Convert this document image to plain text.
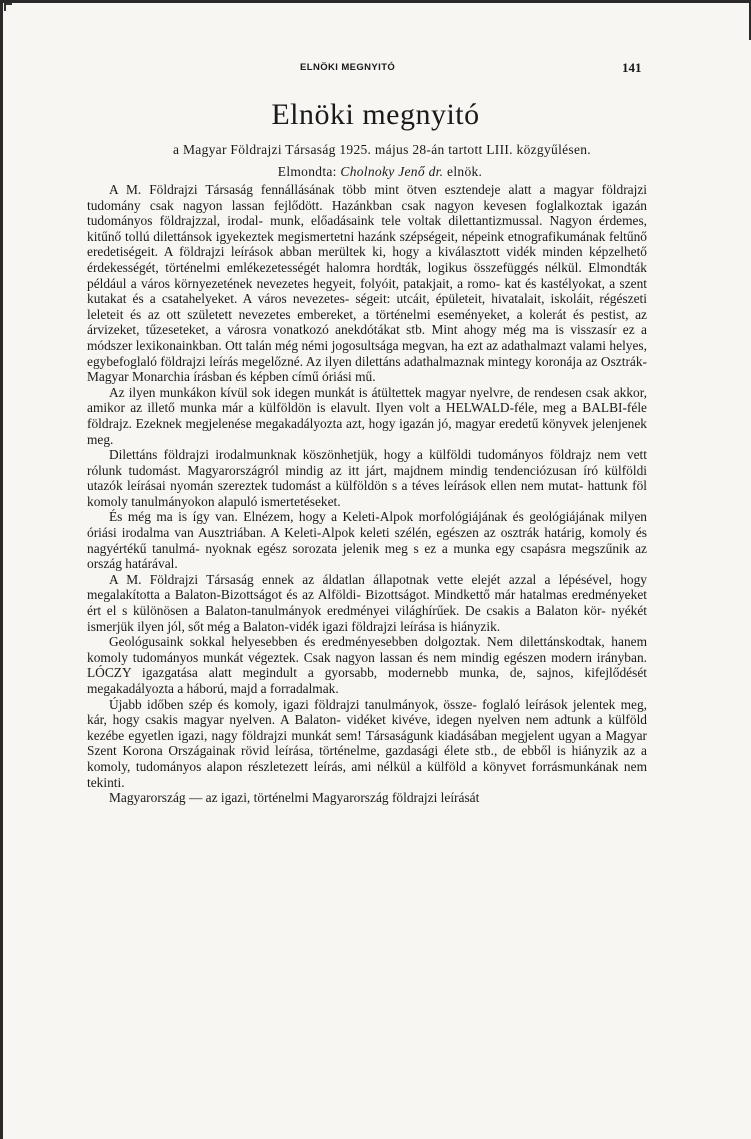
ELNÖKI MEGNYITÓ	141
Elnöki megnyitó
a Magyar Földrajzi Társaság 1925. május 28-án tartott LIII. közgyűlésen.
Elmondta: Cholnoky Jenő dr. elnök.

A M. Földrajzi Társaság fennállásának több mint ötven esztendeje alatt a magyar földrajzi tudomány csak nagyon lassan fejlődött. Hazánkban csak nagyon kevesen foglalkoztak igazán tudományos földrajzzal, irodal- munk, előadásaink tele voltak dilettantizmussal. Nagyon érdemes, kitűnő tollú dilettánsok igyekeztek megismertetni hazánk szépségeit, népeink etnografikumának feltűnő eredetiségeit. A földrajzi leírások abban merültek ki, hogy a kiválasztott vidék minden képzelhető érdekességét, történelmi emlékezetességét halomra hordták, logikus összefüggés nélkül. Elmondták például a város környezetének nevezetes hegyeit, folyóit, patakjait, a romo- kat és kastélyokat, a szent kutakat és a csatahelyeket. A város nevezetes- ségeit: utcáit, épületeit, hivatalait, iskoláit, régészeti leleteit és az ott született nevezetes embereket, a történelmi eseményeket, a kolerát és pestist, az árvizeket, tűzeseteket, a városra vonatkozó anekdótákat stb. Mint ahogy még ma is visszasír ez a módszer lexikonainkban. Ott talán még némi jogosultsága megvan, ha ezt az adathalmazt valami helyes, egybefoglaló földrajzi leírás megelőzné. Az ilyen dilettáns adathalmaznak mintegy koronája az Osztrák-Magyar Monarchia írásban és képben című óriási mű.

Az ilyen munkákon kívül sok idegen munkát is átültettek magyar nyelvre, de rendesen csak akkor, amikor az illető munka már a külföldön is elavult. Ilyen volt a HELWALD-féle, meg a BALBI-féle földrajz. Ezeknek megjelenése megakadályozta azt, hogy igazán jó, magyar eredetű könyvek jelenjenek meg.

Dilettáns földrajzi irodalmunknak köszönhetjük, hogy a külföldi tudományos földrajz nem vett rólunk tudomást. Magyarországról mindig az itt járt, majdnem mindig tendenciózusan író külföldi utazók leírásai nyomán szereztek tudomást a külföldön s a téves leírások ellen nem mutat- hattunk föl komoly tanulmányokon alapuló ismertetéseket.

És még ma is így van. Elnézem, hogy a Keleti-Alpok morfológiájának és geológiájának milyen óriási irodalma van Ausztriában. A Keleti-Alpok keleti szélén, egészen az osztrák határig, komoly és nagyértékű tanulmá- nyoknak egész sorozata jelenik meg s ez a munka egy csapásra megszűnik az ország határával.

A M. Földrajzi Társaság ennek az áldatlan állapotnak vette elejét azzal a lépésével, hogy megalakította a Balaton-Bizottságot és az Alföldi- Bizottságot. Mindkettő már hatalmas eredményeket ért el s különösen a Balaton-tanulmányok eredményei világhírűek. De csakis a Balaton kör- nyékét ismerjük ilyen jól, sőt még a Balaton-vidék igazi földrajzi leírása is hiányzik.

Geológusaink sokkal helyesebben és eredményesebben dolgoztak. Nem dilettánskodtak, hanem komoly tudományos munkát végeztek. Csak nagyon lassan és nem mindig egészen modern irányban. LÓCZY igazgatása alatt megindult a gyorsabb, modernebb munka, de, sajnos, kifejlődését megakadályozta a háború, majd a forradalmak.

Újabb időben szép és komoly, igazi földrajzi tanulmányok, össze- foglaló leírások jelentek meg, kár, hogy csakis magyar nyelven. A Balaton- vidéket kivéve, idegen nyelven nem adtunk a külföld kezébe egyetlen igazi, nagy földrajzi munkát sem! Társaságunk kiadásában megjelent ugyan a Magyar Szent Korona Országainak rövid leírása, történelme, gazdasági élete stb., de ebből is hiányzik az a komoly, tudományos alapon részletezett leírás, ami nélkül a külföld a könyvet forrásmunkának nem tekinti.

Magyarország — az igazi, történelmi Magyarország földrajzi leírását
